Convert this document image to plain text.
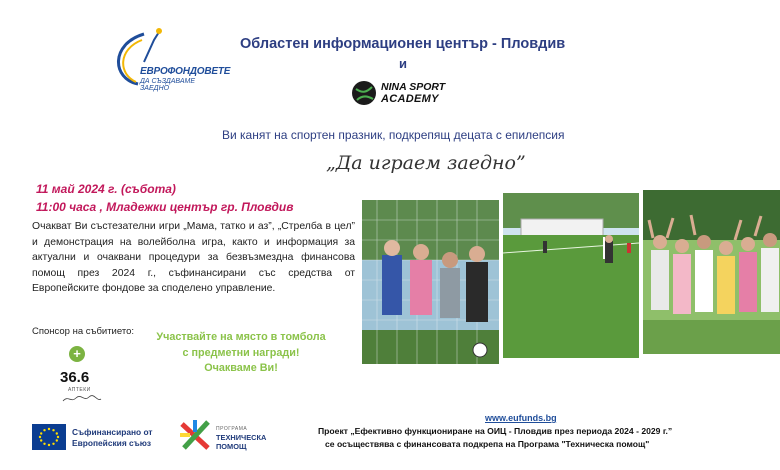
ЕВРОФОНДОВЕТЕ
ДА СЪЗДАВАМЕ ЗАЕДНО
Областен информационен център - Пловдив
и
NINA SPORT
ACADEMY
Ви канят на спортен празник, подкрепящ децата с епилепсия
„Да играем заедно”
11 май 2024 г. (събота)
11:00 часа , Младежки център гр. Пловдив
Очакват Ви състезателни игри „Мама, татко и аз”, „Стрелба в цел” и демонстрация на волейболна игра, както и информация за актуални и очаквани процедури за безвъзмездна финансова помощ през 2024 г., съфинансирани със средства от Европейските фондове за споделено управление.
Спонсор на събитието:
+
36.6
АПТЕКИ
Участвайте на място в томбола
с предметни награди!
Очакваме Ви!
Съфинансирано от
Европейския съюз
ПРОГРАМА
ТЕХНИЧЕСКА ПОМОЩ
www.eufunds.bg
Проект „Ефективно функциониране на ОИЦ - Пловдив през периода 2024 - 2029 г.”
се осъществява с финансовата подкрепа на Програма "Техническа помощ"
